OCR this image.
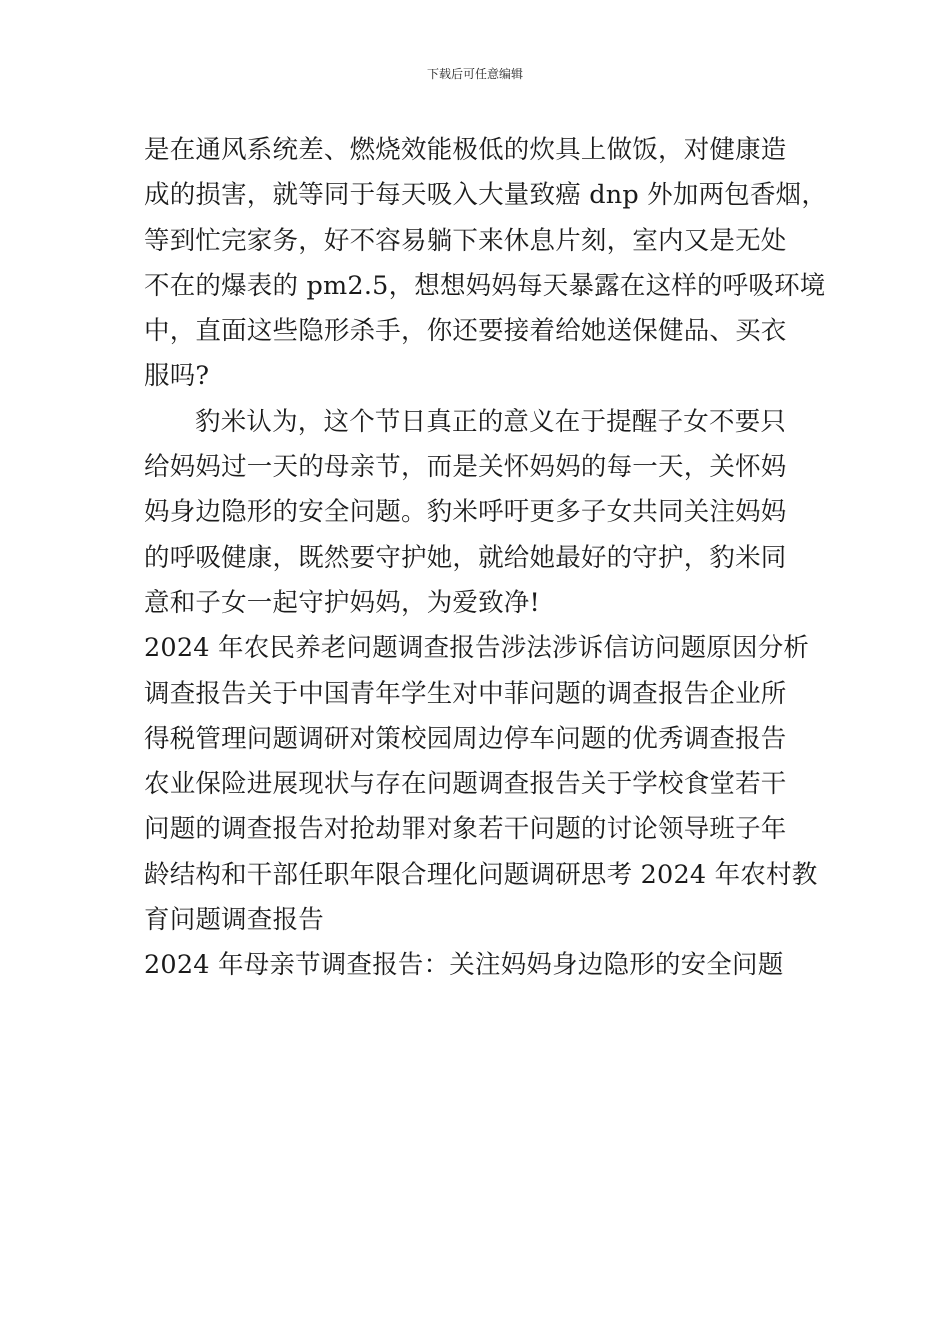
下载后可任意编辑

是在通风系统差、燃烧效能极低的炊具上做饭，对健康造
成的损害，就等同于每天吸入大量致癌 dnp 外加两包香烟，
等到忙完家务，好不容易躺下来休息片刻，室内又是无处
不在的爆表的 pm2.5，想想妈妈每天暴露在这样的呼吸环境
中，直面这些隐形杀手，你还要接着给她送保健品、买衣
服吗?

豹米认为，这个节日真正的意义在于提醒子女不要只
给妈妈过一天的母亲节，而是关怀妈妈的每一天，关怀妈
妈身边隐形的安全问题。豹米呼吁更多子女共同关注妈妈
的呼吸健康，既然要守护她，就给她最好的守护，豹米同
意和子女一起守护妈妈，为爱致净!

2024 年农民养老问题调查报告涉法涉诉信访问题原因分析
调查报告关于中国青年学生对中菲问题的调查报告企业所
得税管理问题调研对策校园周边停车问题的优秀调查报告
农业保险进展现状与存在问题调查报告关于学校食堂若干
问题的调查报告对抢劫罪对象若干问题的讨论领导班子年
龄结构和干部任职年限合理化问题调研思考 2024 年农村教
育问题调查报告

2024 年母亲节调查报告：关注妈妈身边隐形的安全问题
